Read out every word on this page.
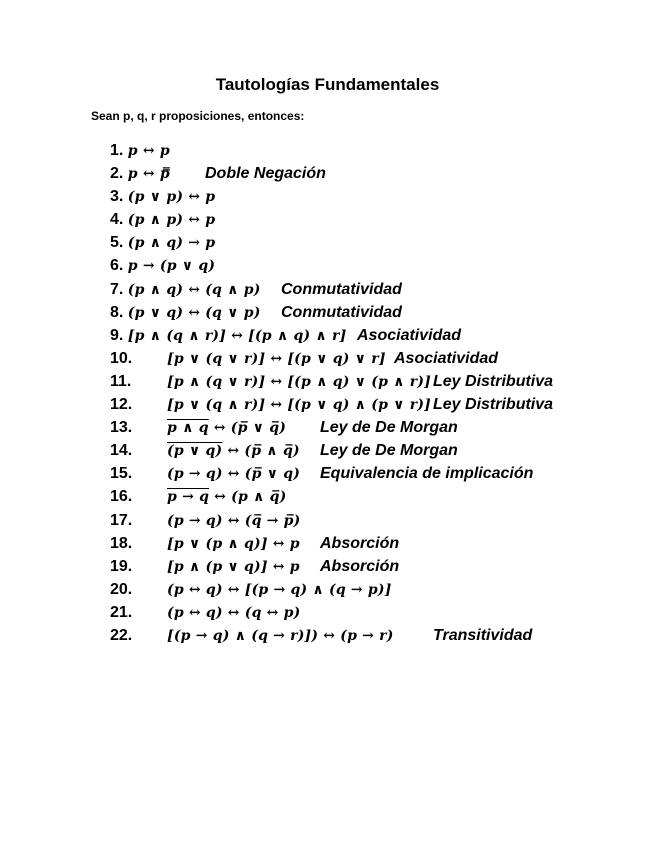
Tautologías Fundamentales
Sean p, q, r proposiciones, entonces:
1. p ↔ p
2. p ↔ p̿ Doble Negación
3. (p ∨ p) ↔ p
4. (p ∧ p) ↔ p
5. (p ∧ q) → p
6. p → (p ∨ q)
7. (p ∧ q) ↔ (q ∧ p) Conmutatividad
8. (p ∨ q) ↔ (q ∨ p) Conmutatividad
9. [p ∧ (q ∧ r)] ↔ [(p ∧ q) ∧ r] Asociatividad
10. [p ∨ (q ∨ r)] ↔ [(p ∨ q) ∨ r] Asociatividad
11.	[p ∧ (q ∨ r)] ↔ [(p ∧ q) ∨ (p ∧ r)] Ley Distributiva
12. [p ∨ (q ∧ r)] ↔ [(p ∨ q) ∧ (p ∨ r)] Ley Distributiva
13. p ∧ q ↔ (p̅ ∨ q̅) Ley de De Morgan
14. (p ∨ q) ↔ (p̅ ∧ q̅) Ley de De Morgan
15. (p → q) ↔ (p̅ ∨ q) Equivalencia de implicación
16. p → q ↔ (p ∧ q̅)
17. (p → q) ↔ (q̅ → p̅)
18. [p ∨ (p ∧ q)] ↔ p Absorción
19. [p ∧ (p ∨ q)] ↔ p Absorción
20. (p ↔ q) ↔ [(p → q) ∧ (q → p)]
21. (p ↔ q) ↔ (q ↔ p)
22. [(p → q) ∧ (q → r)]) ↔ (p → r) Transitividad
